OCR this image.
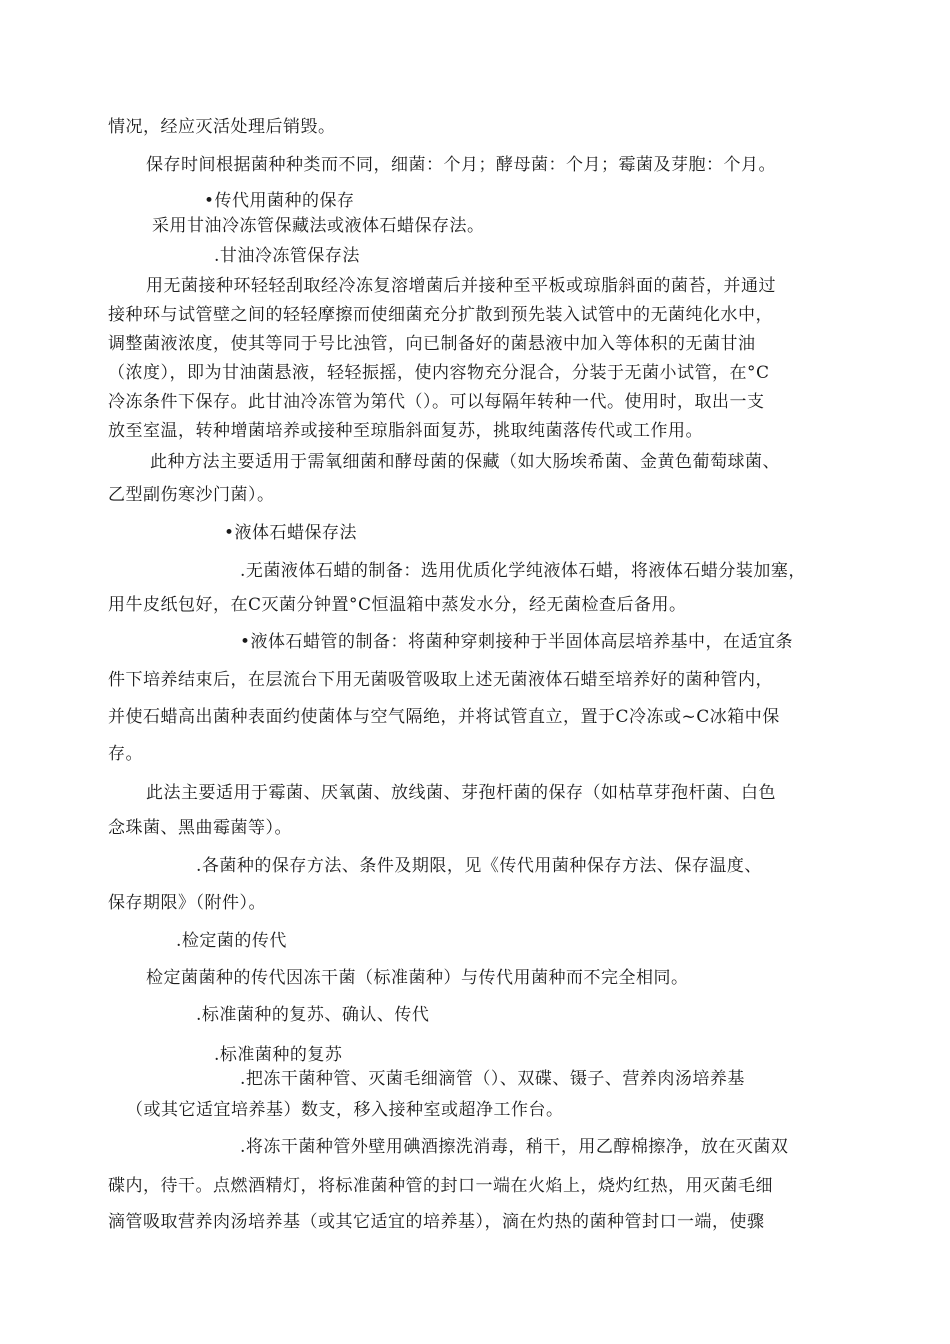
情况，经应灭活处理后销毁。
保存时间根据菌种种类而不同，细菌：个月；酵母菌：个月；霉菌及芽胞：个月。
•传代用菌种的保存
采用甘油冷冻管保藏法或液体石蜡保存法。
.甘油冷冻管保存法
用无菌接种环轻轻刮取经冷冻复溶增菌后并接种至平板或琼脂斜面的菌苔，并通过
接种环与试管壁之间的轻轻摩擦而使细菌充分扩散到预先装入试管中的无菌纯化水中，
调整菌液浓度，使其等同于号比浊管，向已制备好的菌悬液中加入等体积的无菌甘油
（浓度），即为甘油菌悬液，轻轻振摇，使内容物充分混合，分装于无菌小试管，在°C
冷冻条件下保存。此甘油冷冻管为第代（）。可以每隔年转种一代。使用时，取出一支
放至室温，转种增菌培养或接种至琼脂斜面复苏，挑取纯菌落传代或工作用。
此种方法主要适用于需氧细菌和酵母菌的保藏（如大肠埃希菌、金黄色葡萄球菌、
乙型副伤寒沙门菌）。
•液体石蜡保存法
.无菌液体石蜡的制备：选用优质化学纯液体石蜡，将液体石蜡分装加塞，
用牛皮纸包好，在C灭菌分钟置°C恒温箱中蒸发水分，经无菌检查后备用。
•液体石蜡管的制备：将菌种穿刺接种于半固体高层培养基中，在适宜条
件下培养结束后，在层流台下用无菌吸管吸取上述无菌液体石蜡至培养好的菌种管内，
并使石蜡高出菌种表面约使菌体与空气隔绝，并将试管直立，置于C冷冻或~C冰箱中保
存。
此法主要适用于霉菌、厌氧菌、放线菌、芽孢杆菌的保存（如枯草芽孢杆菌、白色
念珠菌、黑曲霉菌等）。
.各菌种的保存方法、条件及期限，见《传代用菌种保存方法、保存温度、
保存期限》（附件）。
.检定菌的传代
检定菌菌种的传代因冻干菌（标准菌种）与传代用菌种而不完全相同。
.标准菌种的复苏、确认、传代
.标准菌种的复苏
.把冻干菌种管、灭菌毛细滴管（）、双碟、镊子、营养肉汤培养基
（或其它适宜培养基）数支，移入接种室或超净工作台。
.将冻干菌种管外壁用碘酒擦洗消毒，稍干，用乙醇棉擦净，放在灭菌双
碟内，待干。点燃酒精灯，将标准菌种管的封口一端在火焰上，烧灼红热，用灭菌毛细
滴管吸取营养肉汤培养基（或其它适宜的培养基），滴在灼热的菌种管封口一端，使骤
